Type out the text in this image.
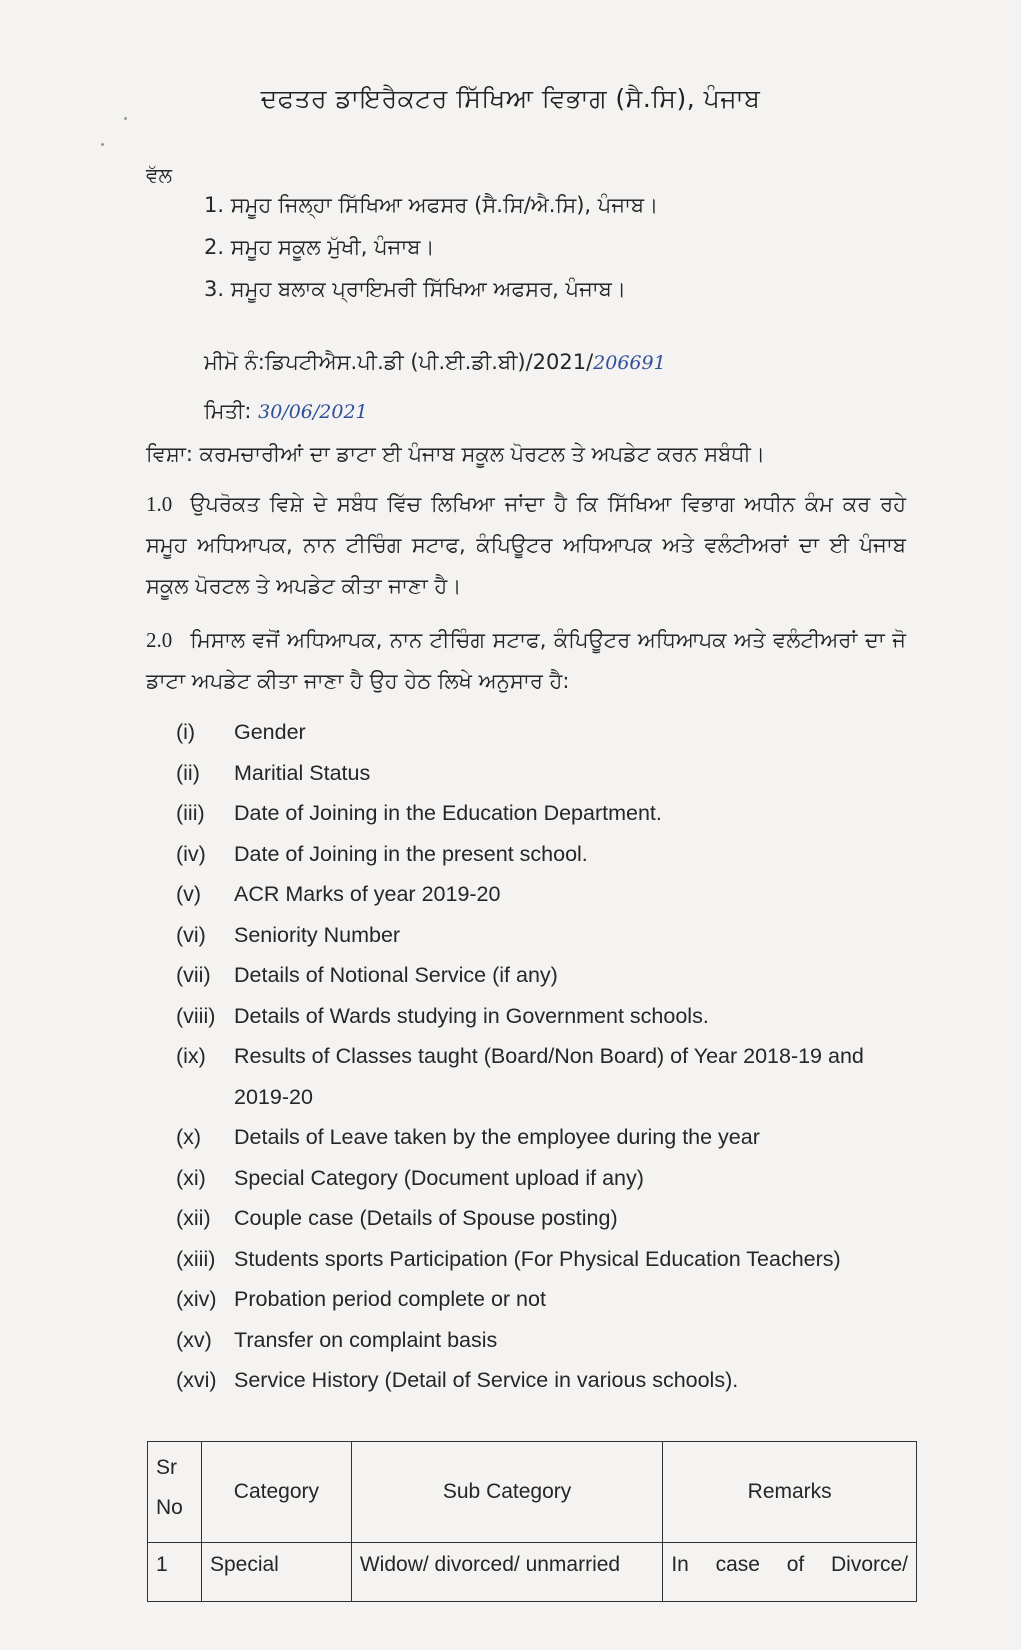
ਦਫਤਰ ਡਾਇਰੈਕਟਰ ਸਿੱਖਿਆ ਵਿਭਾਗ (ਸੈ.ਸਿ), ਪੰਜਾਬ
ਵੱਲ
1. ਸਮੂਹ ਜਿਲ੍ਹਾ ਸਿੱਖਿਆ ਅਫਸਰ (ਸੈ.ਸਿ/ਐ.ਸਿ), ਪੰਜਾਬ।
2. ਸਮੂਹ ਸਕੂਲ ਮੁੱਖੀ, ਪੰਜਾਬ।
3. ਸਮੂਹ ਬਲਾਕ ਪ੍ਰਾਇਮਰੀ ਸਿੱਖਿਆ ਅਫਸਰ, ਪੰਜਾਬ।
ਮੀਮੋ ਨੰ:ਡਿਪਟੀਐਸ.ਪੀ.ਡੀ (ਪੀ.ਈ.ਡੀ.ਬੀ)/2021/206691
ਮਿਤੀ: 30/06/2021
ਵਿਸ਼ਾ: ਕਰਮਚਾਰੀਆਂ ਦਾ ਡਾਟਾ ਈ ਪੰਜਾਬ ਸਕੂਲ ਪੋਰਟਲ ਤੇ ਅਪਡੇਟ ਕਰਨ ਸਬੰਧੀ।
1.0 ਉਪਰੋਕਤ ਵਿਸ਼ੇ ਦੇ ਸਬੰਧ ਵਿੱਚ ਲਿਖਿਆ ਜਾਂਦਾ ਹੈ ਕਿ ਸਿੱਖਿਆ ਵਿਭਾਗ ਅਧੀਨ ਕੰਮ ਕਰ ਰਹੇ ਸਮੂਹ ਅਧਿਆਪਕ, ਨਾਨ ਟੀਚਿੰਗ ਸਟਾਫ, ਕੰਪਿਊਟਰ ਅਧਿਆਪਕ ਅਤੇ ਵਲੰਟੀਅਰਾਂ ਦਾ ਈ ਪੰਜਾਬ ਸਕੂਲ ਪੋਰਟਲ ਤੇ ਅਪਡੇਟ ਕੀਤਾ ਜਾਣਾ ਹੈ।
2.0 ਮਿਸਾਲ ਵਜੋਂ ਅਧਿਆਪਕ, ਨਾਨ ਟੀਚਿੰਗ ਸਟਾਫ, ਕੰਪਿਊਟਰ ਅਧਿਆਪਕ ਅਤੇ ਵਲੰਟੀਅਰਾਂ ਦਾ ਜੋ ਡਾਟਾ ਅਪਡੇਟ ਕੀਤਾ ਜਾਣਾ ਹੈ ਉਹ ਹੇਠ ਲਿਖੇ ਅਨੁਸਾਰ ਹੈ:
(i)	Gender
(ii)	Maritial Status
(iii)	Date of Joining in the Education Department.
(iv)	Date of Joining in the present school.
(v)	ACR Marks of year 2019-20
(vi)	Seniority Number
(vii)	Details of Notional Service (if any)
(viii) Details of Wards studying in Government schools.
(ix)	Results of Classes taught (Board/Non Board) of Year 2018-19 and 2019-20
(x)	Details of Leave taken by the employee during the year
(xi)	Special Category (Document upload if any)
(xii)	Couple case (Details of Spouse posting)
(xiii) Students sports Participation (For Physical Education Teachers)
(xiv) Probation period complete or not
(xv)	Transfer on complaint basis
(xvi) Service History (Detail of Service in various schools).
Sr
No	Category	Sub Category	Remarks
1	Special	Widow/ divorced/ unmarried	In case of Divorce/
